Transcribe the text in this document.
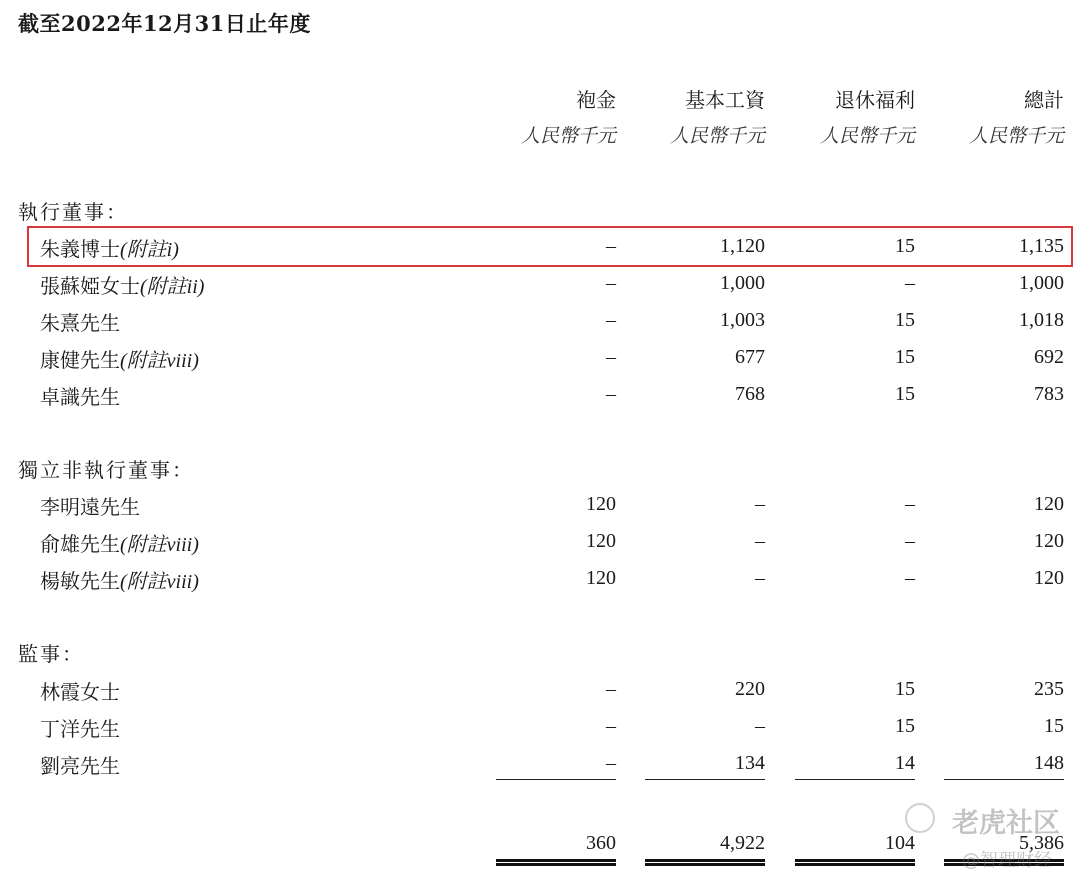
截至2022年12月31日止年度
袍金	基本工資	退休福利	總計
人民幣千元	人民幣千元	人民幣千元	人民幣千元
執行董事：
朱義博士(附註i)	–	1,120	15	1,135
張蘇婭女士(附註ii)	–	1,000	–	1,000
朱熹先生	–	1,003	15	1,018
康健先生(附註viii)	–	677	15	692
卓識先生	–	768	15	783
獨立非執行董事：
李明遠先生	120	–	–	120
俞雄先生(附註viii)	120	–	–	120
楊敏先生(附註viii)	120	–	–	120
監事：
林霞女士	–	220	15	235
丁洋先生	–	–	15	15
劉亮先生	–	134	14	148
360	4,922	104	5,386
老虎社区
@智理财经
